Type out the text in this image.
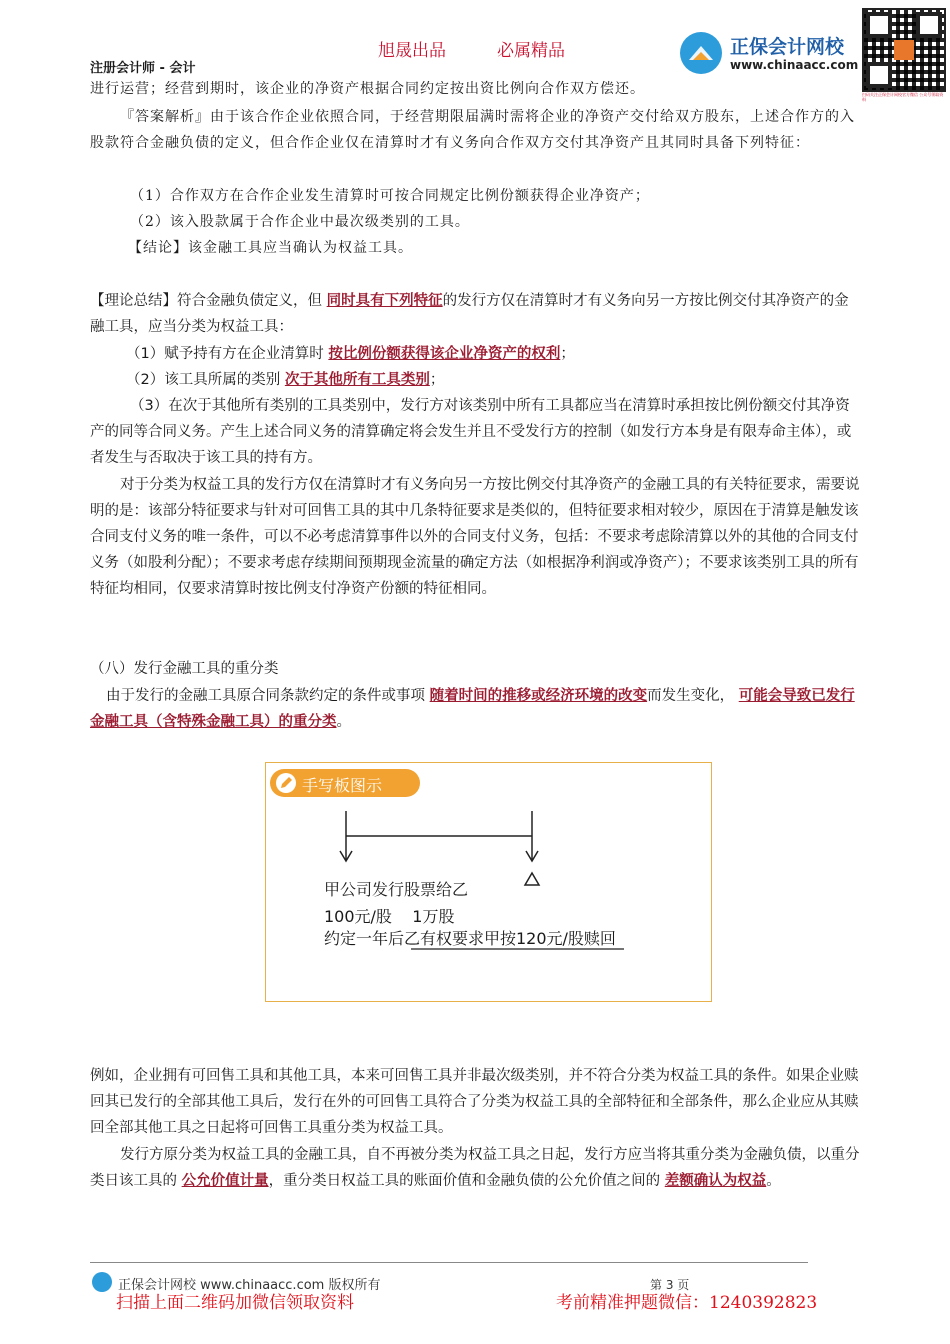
旭晟出品	必属精品
注册会计师 - 会计
正保会计网校
www.chinaacc.com
扫码关注正保会计网校官方微信 公众号领取资料
进行运营；经营到期时，该企业的净资产根据合同约定按出资比例向合作双方偿还。
『答案解析』由于该合作企业依照合同，于经营期限届满时需将企业的净资产交付给双方股东，上述合作方的入股款符合金融负债的定义，但合作企业仅在清算时才有义务向合作双方交付其净资产且其同时具备下列特征：
（1）合作双方在合作企业发生清算时可按合同规定比例份额获得企业净资产；
（2）该入股款属于合作企业中最次级类别的工具。
【结论】该金融工具应当确认为权益工具。
【理论总结】符合金融负债定义，但 同时具有下列特征的发行方仅在清算时才有义务向另一方按比例交付其净资产的金融工具，应当分类为权益工具：
（1）赋予持有方在企业清算时 按比例份额获得该企业净资产的权利；
（2）该工具所属的类别 次于其他所有工具类别；
（3）在次于其他所有类别的工具类别中，发行方对该类别中所有工具都应当在清算时承担按比例份额交付其净资产的同等合同义务。产生上述合同义务的清算确定将会发生并且不受发行方的控制（如发行方本身是有限寿命主体），或者发生与否取决于该工具的持有方。
对于分类为权益工具的发行方仅在清算时才有义务向另一方按比例交付其净资产的金融工具的有关特征要求，需要说明的是：该部分特征要求与针对可回售工具的其中几条特征要求是类似的，但特征要求相对较少，原因在于清算是触发该合同支付义务的唯一条件，可以不必考虑清算事件以外的合同支付义务，包括：不要求考虑除清算以外的其他的合同支付义务（如股利分配）；不要求考虑存续期间预期现金流量的确定方法（如根据净利润或净资产）；不要求该类别工具的所有特征均相同，仅要求清算时按比例支付净资产份额的特征相同。
（八）发行金融工具的重分类
由于发行的金融工具原合同条款约定的条件或事项 随着时间的推移或经济环境的改变而发生变化， 可能会导致已发行金融工具（含特殊金融工具）的重分类。
手写板图示
甲公司发行股票给乙
100元/股    1万股
约定一年后乙有权要求甲按120元/股赎回
例如，企业拥有可回售工具和其他工具，本来可回售工具并非最次级类别，并不符合分类为权益工具的条件。如果企业赎回其已发行的全部其他工具后，发行在外的可回售工具符合了分类为权益工具的全部特征和全部条件，那么企业应从其赎回全部其他工具之日起将可回售工具重分类为权益工具。
发行方原分类为权益工具的金融工具，自不再被分类为权益工具之日起，发行方应当将其重分类为金融负债，以重分类日该工具的 公允价值计量，重分类日权益工具的账面价值和金融负债的公允价值之间的 差额确认为权益。
正保会计网校 www.chinaacc.com 版权所有	第 3 页
扫描上面二维码加微信领取资料	考前精准押题微信：1240392823
